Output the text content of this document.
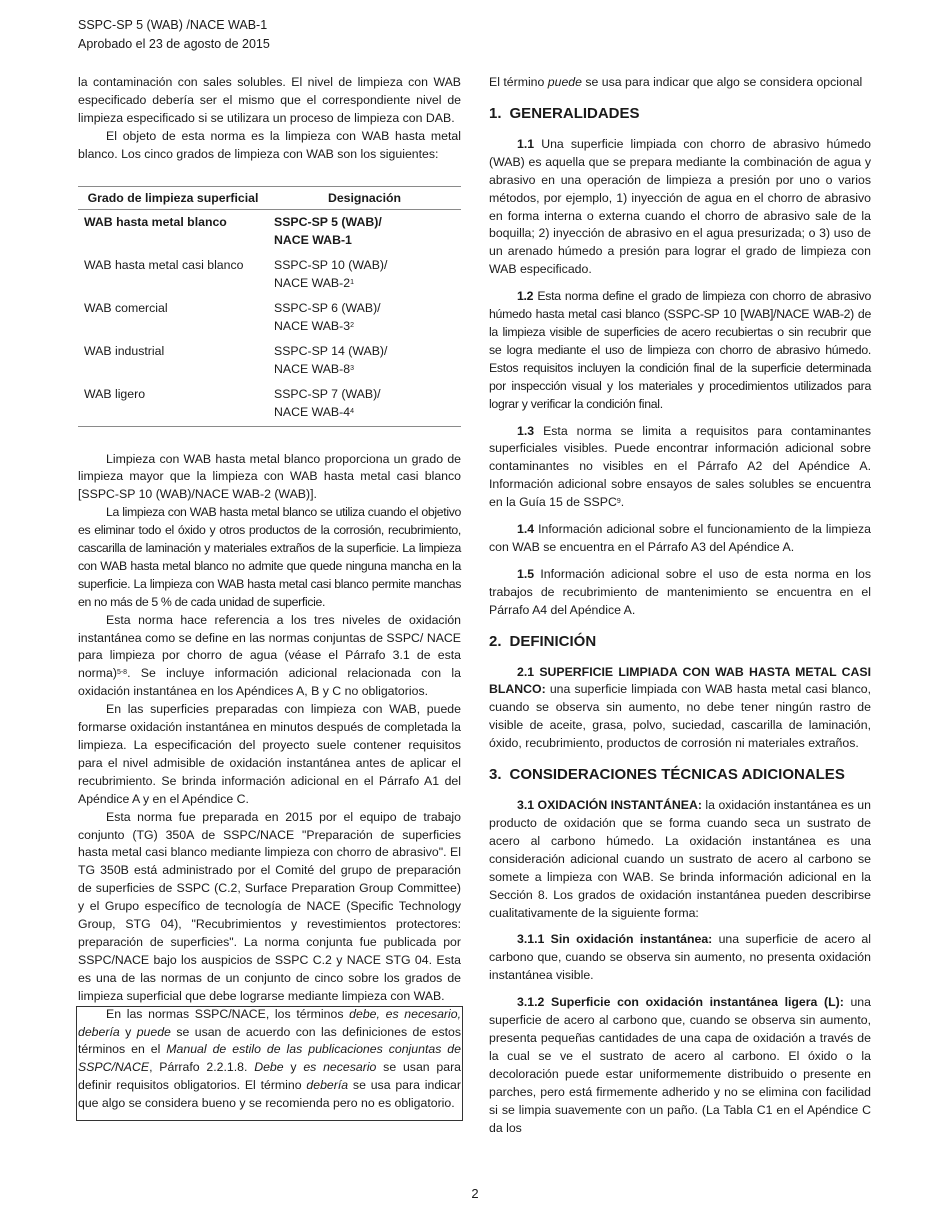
SSPC-SP 5 (WAB) /NACE WAB-1
Aprobado el 23 de agosto de 2015

la contaminación con sales solubles. El nivel de limpieza con WAB especificado debería ser el mismo que el correspondiente nivel de limpieza especificado si se utilizara un proceso de limpieza con DAB.

El objeto de esta norma es la limpieza con WAB hasta metal blanco. Los cinco grados de limpieza con WAB son los siguientes:

Grado de limpieza superficial	Designación
WAB hasta metal blanco	SSPC-SP 5 (WAB)/
NACE WAB-1
WAB hasta metal casi blanco	SSPC-SP 10 (WAB)/
NACE WAB-$2^1$
WAB comercial	SSPC-SP 6 (WAB)/
NACE WAB-$3^2$
WAB industrial	SSPC-SP 14 (WAB)/
NACE WAB-$8^3$
WAB ligero	SSPC-SP 7 (WAB)/
NACE WAB-$4^4$

Limpieza con WAB hasta metal blanco proporciona un grado de limpieza mayor que la limpieza con WAB hasta metal casi blanco [SSPC-SP 10 (WAB)/NACE WAB-2 (WAB)].

La limpieza con WAB hasta metal blanco se utiliza cuando el objetivo es eliminar todo el óxido y otros productos de la corrosión, recubrimiento, cascarilla de laminación y materiales extraños de la superficie. La limpieza con WAB hasta metal blanco no admite que quede ninguna mancha en la superficie. La limpieza con WAB hasta metal casi blanco permite manchas en no más de 5 % de cada unidad de superficie.

Esta norma hace referencia a los tres niveles de oxidación instantánea como se define en las normas conjuntas de SSPC/ NACE para limpieza por chorro de agua (véase el Párrafo 3.1 de esta norma)$^{5-8}$. Se incluye información adicional relacionada con la oxidación instantánea en los Apéndices A, B y C no obligatorios.

En las superficies preparadas con limpieza con WAB, puede formarse oxidación instantánea en minutos después de completada la limpieza. La especificación del proyecto suele contener requisitos para el nivel admisible de oxidación instantánea antes de aplicar el recubrimiento. Se brinda información adicional en el Párrafo A1 del Apéndice A y en el Apéndice C.

Esta norma fue preparada en 2015 por el equipo de trabajo conjunto (TG) 350A de SSPC/NACE "Preparación de superficies hasta metal casi blanco mediante limpieza con chorro de abrasivo". El TG 350B está administrado por el Comité del grupo de preparación de superficies de SSPC (C.2, Surface Preparation Group Committee) y el Grupo específico de tecnología de NACE (Specific Technology Group, STG 04), "Recubrimientos y revestimientos protectores: preparación de superficies". La norma conjunta fue publicada por SSPC/NACE bajo los auspicios de SSPC C.2 y NACE STG 04. Esta es una de las normas de un conjunto de cinco sobre los grados de limpieza superficial que debe lograrse mediante limpieza con WAB.

En las normas SSPC/NACE, los términos debe, es necesario, debería y puede se usan de acuerdo con las definiciones de estos términos en el Manual de estilo de las publicaciones conjuntas de SSPC/NACE, Párrafo 2.2.1.8. Debe y es necesario se usan para definir requisitos obligatorios. El término debería se usa para indicar que algo se considera bueno y se recomienda pero no es obligatorio.

El término puede se usa para indicar que algo se considera opcional

1. GENERALIDADES

1.1 Una superficie limpiada con chorro de abrasivo húmedo (WAB) es aquella que se prepara mediante la combinación de agua y abrasivo en una operación de limpieza a presión por uno o varios métodos, por ejemplo, 1) inyección de agua en el chorro de abrasivo en forma interna o externa cuando el chorro de abrasivo sale de la boquilla; 2) inyección de abrasivo en el agua presurizada; o 3) uso de un arenado húmedo a presión para lograr el grado de limpieza con WAB especificado.

1.2 Esta norma define el grado de limpieza con chorro de abrasivo húmedo hasta metal casi blanco (SSPC-SP 10 [WAB]/NACE WAB-2) de la limpieza visible de superficies de acero recubiertas o sin recubrir que se logra mediante el uso de limpieza con chorro de abrasivo húmedo. Estos requisitos incluyen la condición final de la superficie determinada por inspección visual y los materiales y procedimientos utilizados para lograr y verificar la condición final.

1.3 Esta norma se limita a requisitos para contaminantes superficiales visibles. Puede encontrar información adicional sobre contaminantes no visibles en el Párrafo A2 del Apéndice A. Información adicional sobre ensayos de sales solubles se encuentra en la Guía 15 de SSPC$^9$.

1.4 Información adicional sobre el funcionamiento de la limpieza con WAB se encuentra en el Párrafo A3 del Apéndice A.

1.5 Información adicional sobre el uso de esta norma en los trabajos de recubrimiento de mantenimiento se encuentra en el Párrafo A4 del Apéndice A.

2. DEFINICIÓN

2.1 SUPERFICIE LIMPIADA CON WAB HASTA METAL CASI BLANCO: una superficie limpiada con WAB hasta metal casi blanco, cuando se observa sin aumento, no debe tener ningún rastro de visible de aceite, grasa, polvo, suciedad, cascarilla de laminación, óxido, recubrimiento, productos de corrosión ni materiales extraños.

3. CONSIDERACIONES TÉCNICAS ADICIONALES

3.1 OXIDACIÓN INSTANTÁNEA: la oxidación instantánea es un producto de oxidación que se forma cuando seca un sustrato de acero al carbono húmedo. La oxidación instantánea es una consideración adicional cuando un sustrato de acero al carbono se somete a limpieza con WAB. Se brinda información adicional en la Sección 8. Los grados de oxidación instantánea pueden describirse cualitativamente de la siguiente forma:

3.1.1 Sin oxidación instantánea: una superficie de acero al carbono que, cuando se observa sin aumento, no presenta oxidación instantánea visible.

3.1.2 Superficie con oxidación instantánea ligera (L): una superficie de acero al carbono que, cuando se observa sin aumento, presenta pequeñas cantidades de una capa de oxidación a través de la cual se ve el sustrato de acero al carbono. El óxido o la decoloración puede estar uniformemente distribuido o presente en parches, pero está firmemente adherido y no se elimina con facilidad si se limpia suavemente con un paño. (La Tabla C1 en el Apéndice C da los

2
